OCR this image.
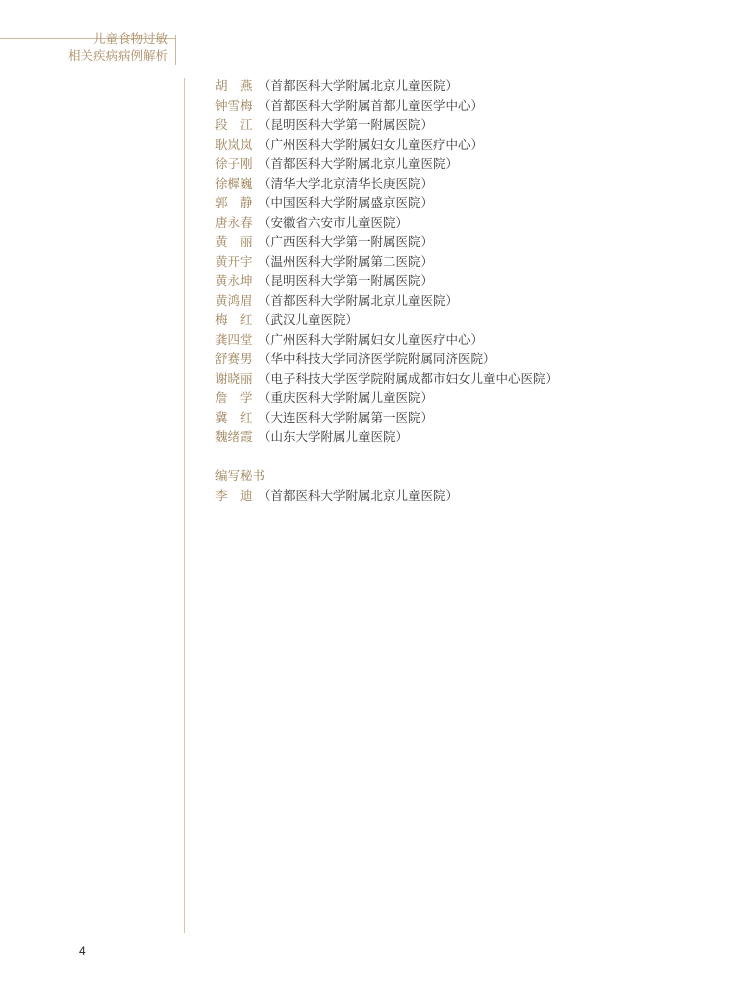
儿童食物过敏
相关疾病病例解析
胡　燕 （首都医科大学附属北京儿童医院）
钟雪梅 （首都医科大学附属首都儿童医学中心）
段　江 （昆明医科大学第一附属医院）
耿岚岚 （广州医科大学附属妇女儿童医疗中心）
徐子刚 （首都医科大学附属北京儿童医院）
徐樨巍 （清华大学北京清华长庚医院）
郭　静 （中国医科大学附属盛京医院）
唐永春 （安徽省六安市儿童医院）
黄　丽 （广西医科大学第一附属医院）
黄开宇 （温州医科大学附属第二医院）
黄永坤 （昆明医科大学第一附属医院）
黄鸿眉 （首都医科大学附属北京儿童医院）
梅　红 （武汉儿童医院）
龚四堂 （广州医科大学附属妇女儿童医疗中心）
舒赛男 （华中科技大学同济医学院附属同济医院）
谢晓丽 （电子科技大学医学院附属成都市妇女儿童中心医院）
詹　学 （重庆医科大学附属儿童医院）
冀　红 （大连医科大学附属第一医院）
魏绪霞 （山东大学附属儿童医院）
编写秘书
李　迪 （首都医科大学附属北京儿童医院）
4
